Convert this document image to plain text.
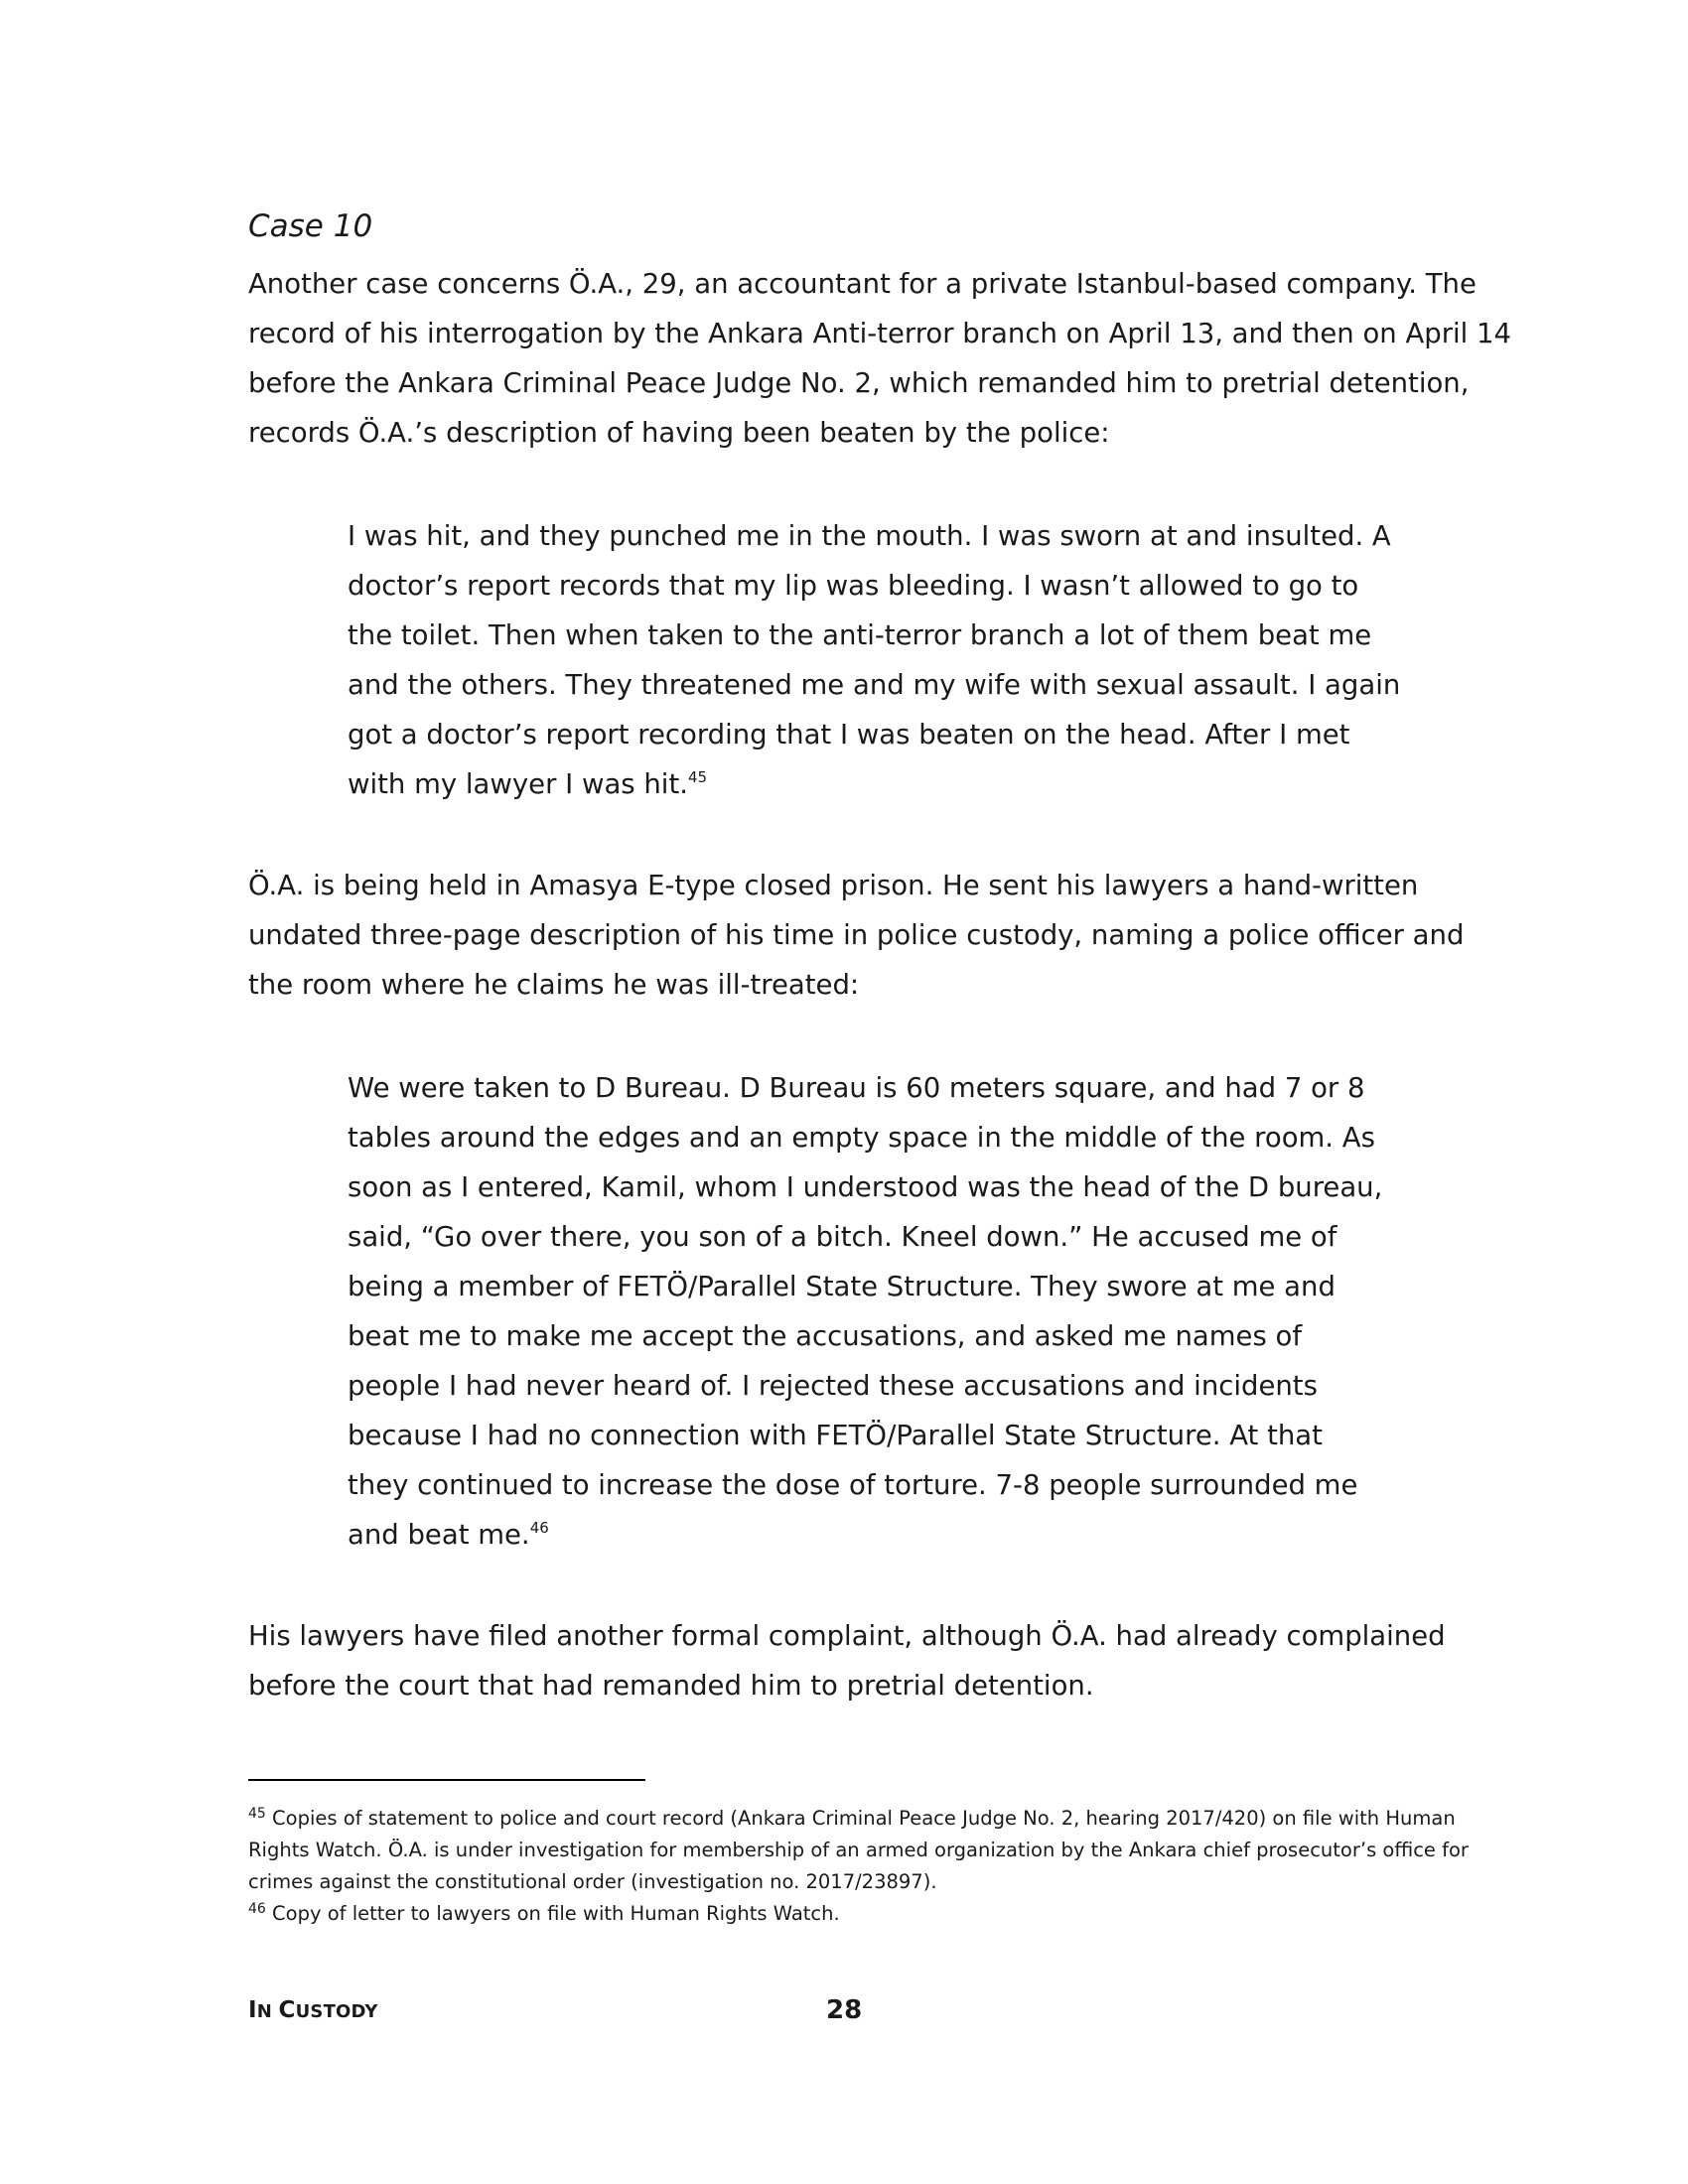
Case 10
Another case concerns Ö.A., 29, an accountant for a private Istanbul-based company. The
record of his interrogation by the Ankara Anti-terror branch on April 13, and then on April 14
before the Ankara Criminal Peace Judge No. 2, which remanded him to pretrial detention,
records Ö.A.’s description of having been beaten by the police:
I was hit, and they punched me in the mouth. I was sworn at and insulted. A
doctor’s report records that my lip was bleeding. I wasn’t allowed to go to
the toilet. Then when taken to the anti-terror branch a lot of them beat me
and the others. They threatened me and my wife with sexual assault. I again
got a doctor’s report recording that I was beaten on the head. After I met
with my lawyer I was hit.$^{45}$
Ö.A. is being held in Amasya E-type closed prison. He sent his lawyers a hand-written
undated three-page description of his time in police custody, naming a police officer and
the room where he claims he was ill-treated:
We were taken to D Bureau. D Bureau is 60 meters square, and had 7 or 8
tables around the edges and an empty space in the middle of the room. As
soon as I entered, Kamil, whom I understood was the head of the D bureau,
said, “Go over there, you son of a bitch. Kneel down.” He accused me of
being a member of FETÖ/Parallel State Structure. They swore at me and
beat me to make me accept the accusations, and asked me names of
people I had never heard of. I rejected these accusations and incidents
because I had no connection with FETÖ/Parallel State Structure. At that
they continued to increase the dose of torture. 7-8 people surrounded me
and beat me.$^{46}$
His lawyers have filed another formal complaint, although Ö.A. had already complained
before the court that had remanded him to pretrial detention.
$^{45}$ Copies of statement to police and court record (Ankara Criminal Peace Judge No. 2, hearing 2017/420) on file with Human
Rights Watch. Ö.A. is under investigation for membership of an armed organization by the Ankara chief prosecutor’s office for
crimes against the constitutional order (investigation no. 2017/23897).
$^{46}$ Copy of letter to lawyers on file with Human Rights Watch.
IN CUSTODY	28
